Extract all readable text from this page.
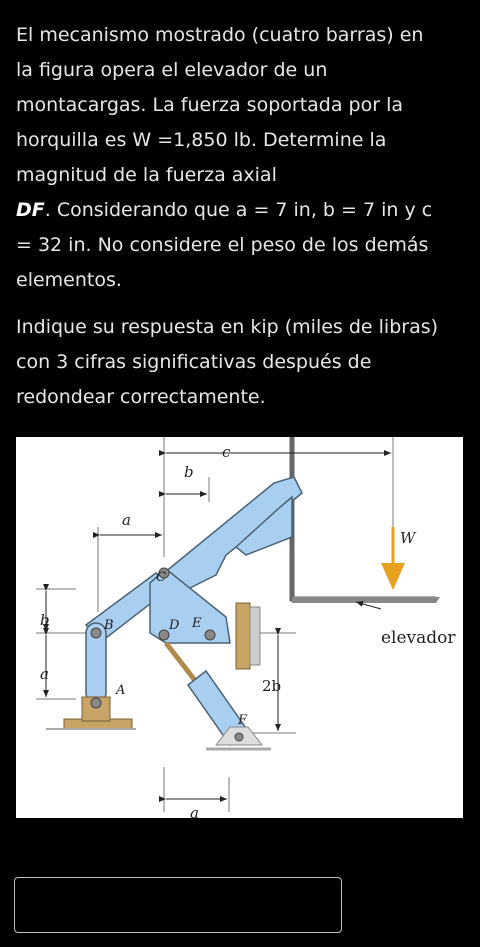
El mecanismo mostrado (cuatro barras) en
la figura opera el elevador de un
montacargas. La fuerza soportada por la
horquilla es W =1,850 lb. Determine la
magnitud de la fuerza axial
DF. Considerando que a = 7 in, b = 7 in y c
= 32 in. No considere el peso de los demás
elementos.

Indique su respuesta en kip (miles de libras)
con 3 cifras significativas después de
redondear correctamente.

c
b
a
W
C
b	B	D E
a
A	2b
F
a
elevador
